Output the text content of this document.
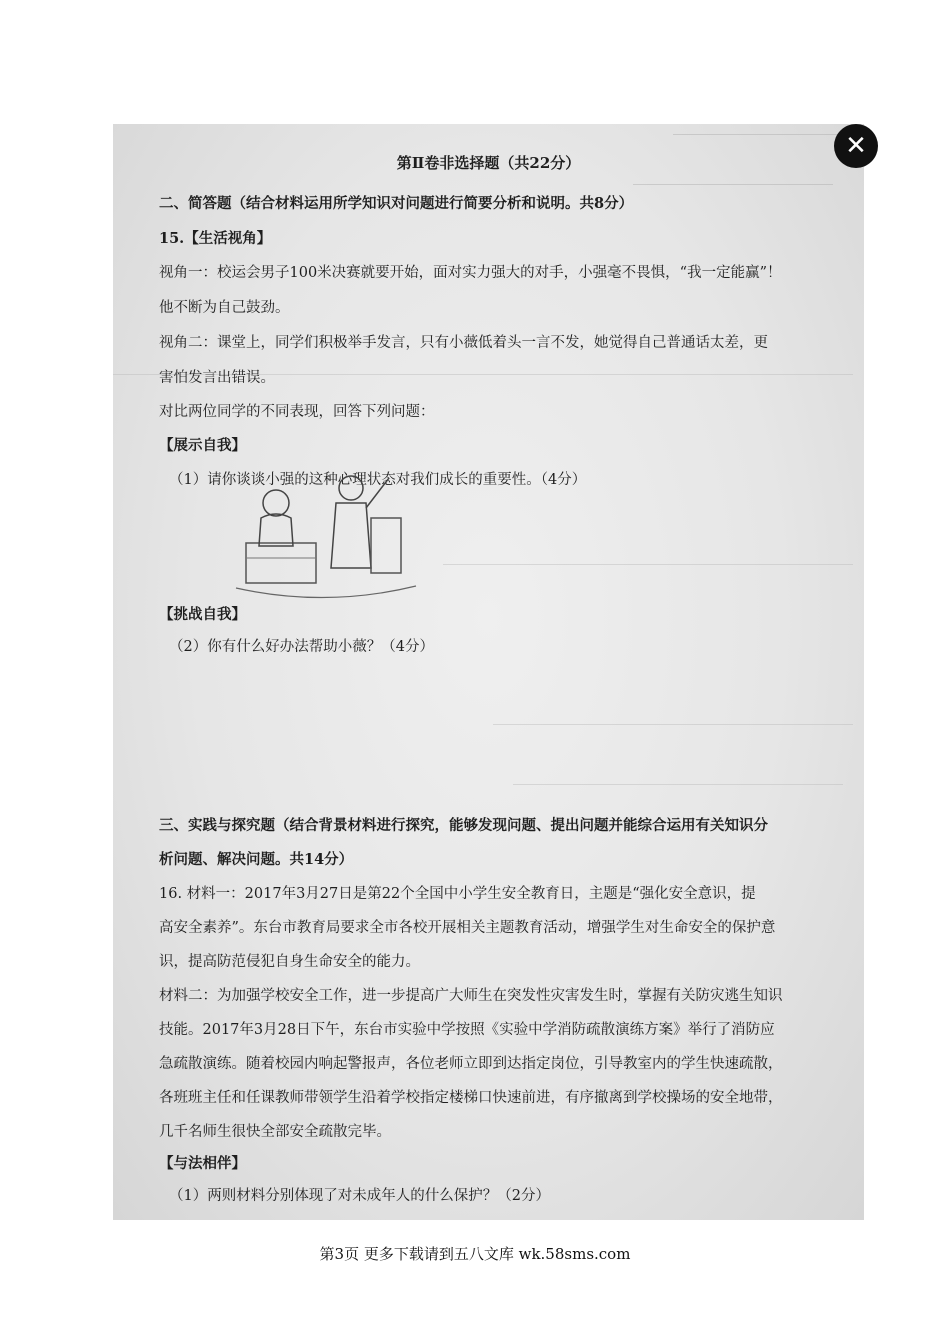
✕
第Ⅱ卷非选择题（共22分）
二、简答题（结合材料运用所学知识对问题进行简要分析和说明。共8分）
15.【生活视角】
视角一：校运会男子100米决赛就要开始，面对实力强大的对手，小强毫不畏惧，“我一定能赢”！
他不断为自己鼓劲。
视角二：课堂上，同学们积极举手发言，只有小薇低着头一言不发，她觉得自己普通话太差，更
害怕发言出错误。
对比两位同学的不同表现，回答下列问题：
【展示自我】
（1）请你谈谈小强的这种心理状态对我们成长的重要性。（4分）
【挑战自我】
（2）你有什么好办法帮助小薇？（4分）
三、实践与探究题（结合背景材料进行探究，能够发现问题、提出问题并能综合运用有关知识分
析问题、解决问题。共14分）
16. 材料一：2017年3月27日是第22个全国中小学生安全教育日，主题是“强化安全意识，提
高安全素养”。东台市教育局要求全市各校开展相关主题教育活动，增强学生对生命安全的保护意
识，提高防范侵犯自身生命安全的能力。
材料二：为加强学校安全工作，进一步提高广大师生在突发性灾害发生时，掌握有关防灾逃生知识
技能。2017年3月28日下午，东台市实验中学按照《实验中学消防疏散演练方案》举行了消防应
急疏散演练。随着校园内响起警报声，各位老师立即到达指定岗位，引导教室内的学生快速疏散，
各班班主任和任课教师带领学生沿着学校指定楼梯口快速前进，有序撤离到学校操场的安全地带，
几千名师生很快全部安全疏散完毕。
【与法相伴】
（1）两则材料分别体现了对未成年人的什么保护？（2分）
第3页 更多下载请到五八文库 wk.58sms.com
